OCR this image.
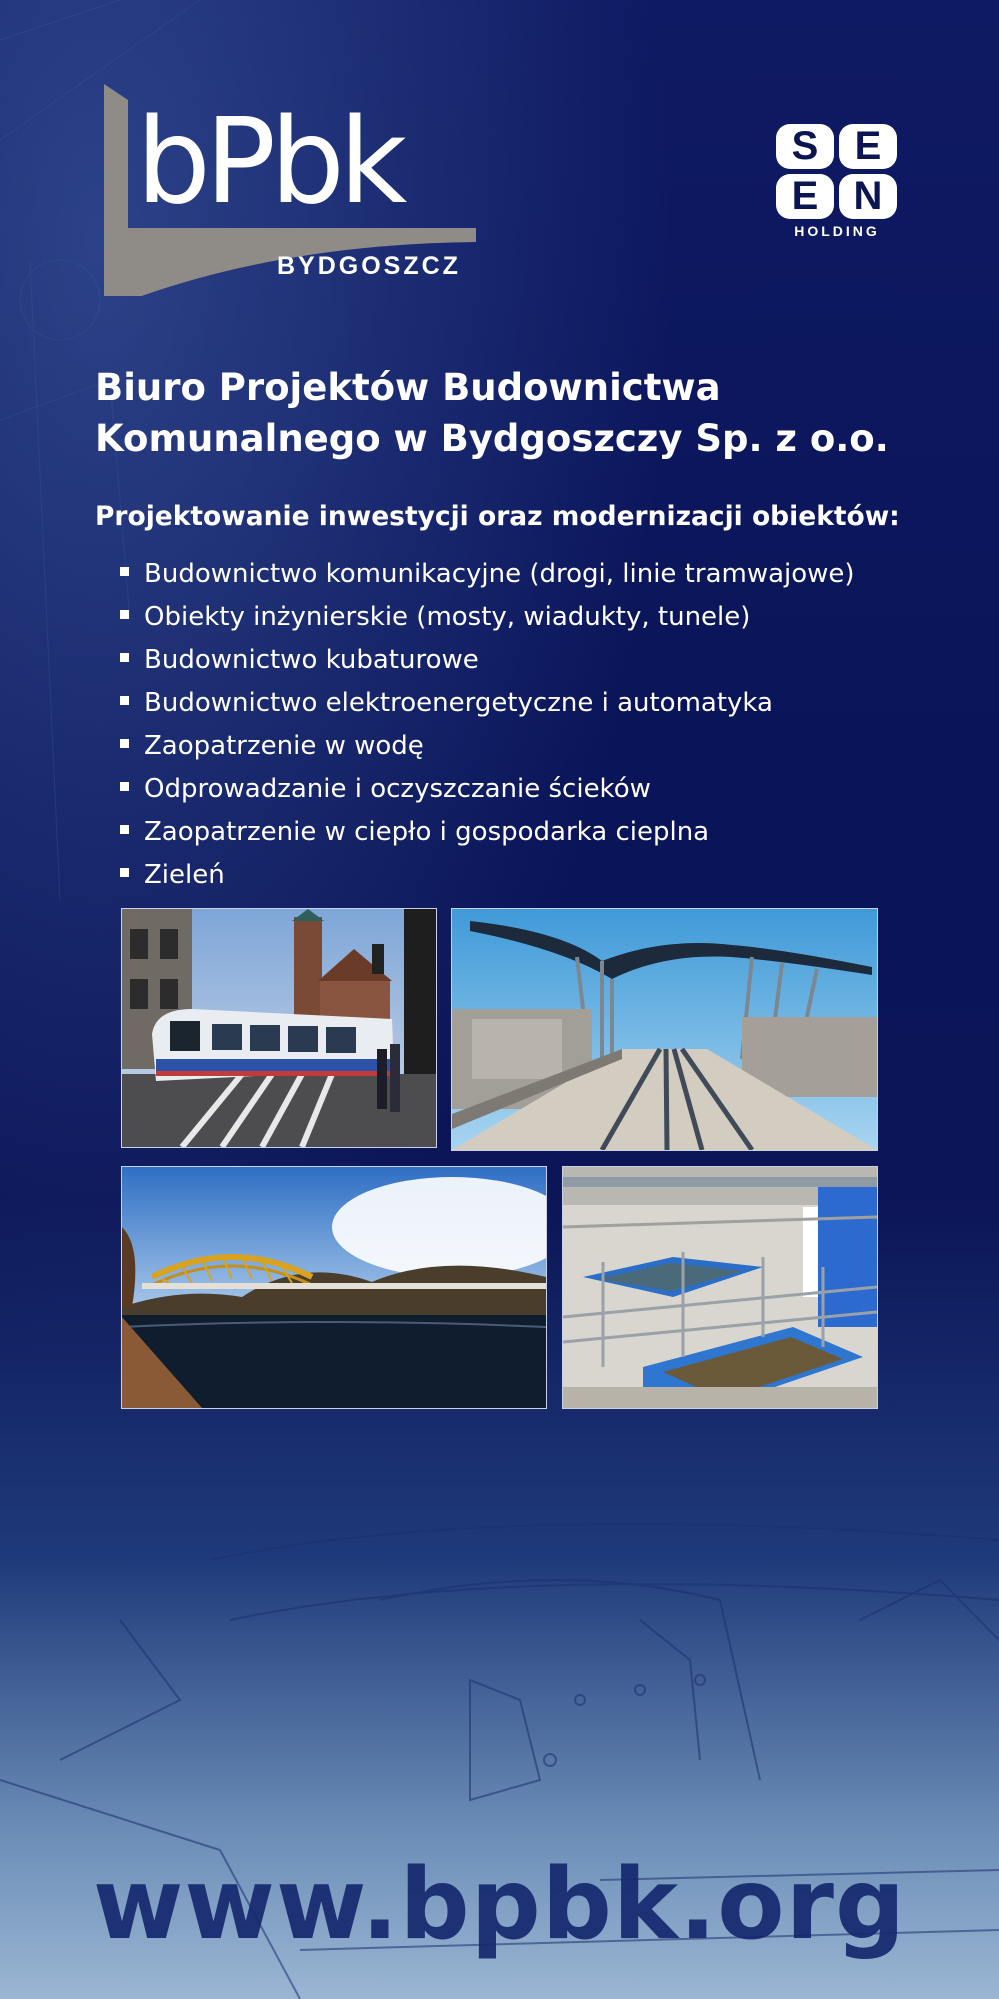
bPbk
BYDGOSZCZ
S E
E N
HOLDING
Biuro Projektów Budownictwa
Komunalnego w Bydgoszczy Sp. z o.o.
Projektowanie inwestycji oraz modernizacji obiektów:
Budownictwo komunikacyjne (drogi, linie tramwajowe)
Obiekty inżynierskie (mosty, wiadukty, tunele)
Budownictwo kubaturowe
Budownictwo elektroenergetyczne i automatyka
Zaopatrzenie w wodę
Odprowadzanie i oczyszczanie ścieków
Zaopatrzenie w ciepło i gospodarka cieplna
Zieleń
www.bpbk.org
